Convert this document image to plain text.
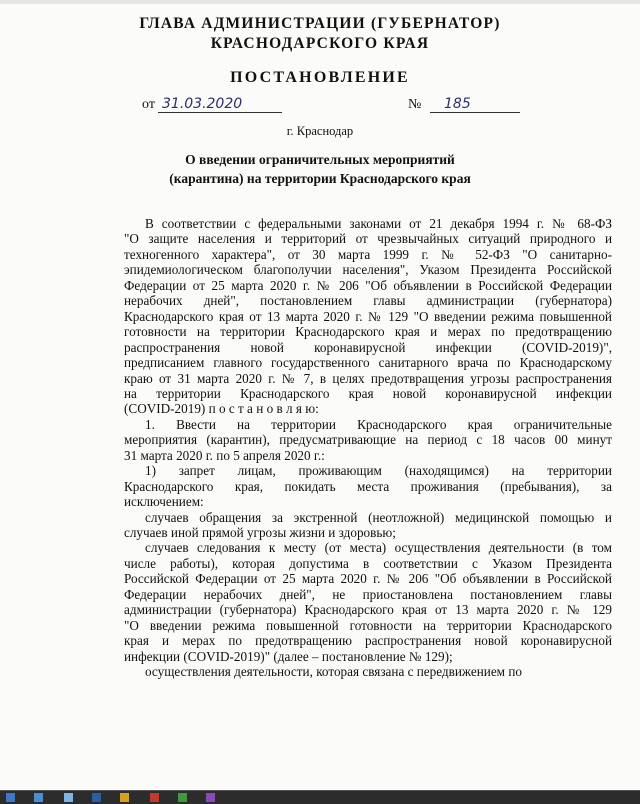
ГЛАВА АДМИНИСТРАЦИИ (ГУБЕРНАТОР)
КРАСНОДАРСКОГО КРАЯ
ПОСТАНОВЛЕНИЕ
от 31.03.2020	№	185
г. Краснодар
О введении ограничительных мероприятий
(карантина) на территории Краснодарского края
В соответствии с федеральными законами от 21 декабря 1994 г. № 68-ФЗ
"О защите населения и территорий от чрезвычайных ситуаций природного и
техногенного характера", от 30 марта 1999 г. № 52-ФЗ "О санитарно-
эпидемиологическом благополучии населения", Указом Президента Российской
Федерации от 25 марта 2020 г. № 206 "Об объявлении в Российской Федерации
нерабочих дней", постановлением главы администрации (губернатора)
Краснодарского края от 13 марта 2020 г. № 129 "О введении режима повышенной
готовности на территории Краснодарского края и мерах по предотвращению
распространения новой коронавирусной инфекции (COVID-2019)",
предписанием главного государственного санитарного врача по Краснодарскому
краю от 31 марта 2020 г. № 7, в целях предотвращения угрозы распространения
на территории Краснодарского края новой коронавирусной инфекции
(COVID-2019) п о с т а н о в л я ю:
1. Ввести на территории Краснодарского края ограничительные
мероприятия (карантин), предусматривающие на период с 18 часов 00 минут
31 марта 2020 г. по 5 апреля 2020 г.:
1) запрет лицам, проживающим (находящимся) на территории
Краснодарского края, покидать места проживания (пребывания), за
исключением:
случаев обращения за экстренной (неотложной) медицинской помощью и
случаев иной прямой угрозы жизни и здоровью;
случаев следования к месту (от места) осуществления деятельности (в том
числе работы), которая допустима в соответствии с Указом Президента
Российской Федерации от 25 марта 2020 г. № 206 "Об объявлении в Российской
Федерации нерабочих дней", не приостановлена постановлением главы
администрации (губернатора) Краснодарского края от 13 марта 2020 г. № 129
"О введении режима повышенной готовности на территории Краснодарского
края и мерах по предотвращению распространения новой коронавирусной
инфекции (COVID-2019)" (далее – постановление № 129);
осуществления деятельности, которая связана с передвижением по
